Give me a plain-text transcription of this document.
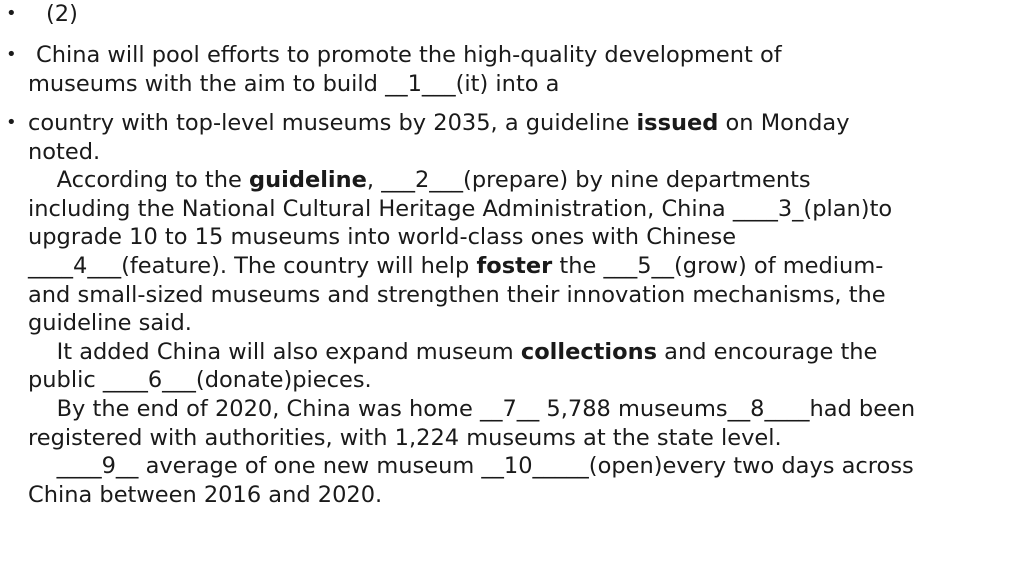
• (2)
• China will pool efforts to promote the high-quality development of
museums with the aim to build __1___(it) into a
• country with top-level museums by 2035, a guideline issued on Monday
noted.
According to the guideline, ___2___(prepare) by nine departments
including the National Cultural Heritage Administration, China ____3_(plan)to
upgrade 10 to 15 museums into world-class ones with Chinese
____4___(feature). The country will help foster the ___5__(grow) of medium-
and small-sized museums and strengthen their innovation mechanisms, the
guideline said.
It added China will also expand museum collections and encourage the
public ____6___(donate)pieces.
By the end of 2020, China was home __7__ 5,788 museums__8____had been
registered with authorities, with 1,224 museums at the state level.
____9__ average of one new museum __10_____(open)every two days across
China between 2016 and 2020.
